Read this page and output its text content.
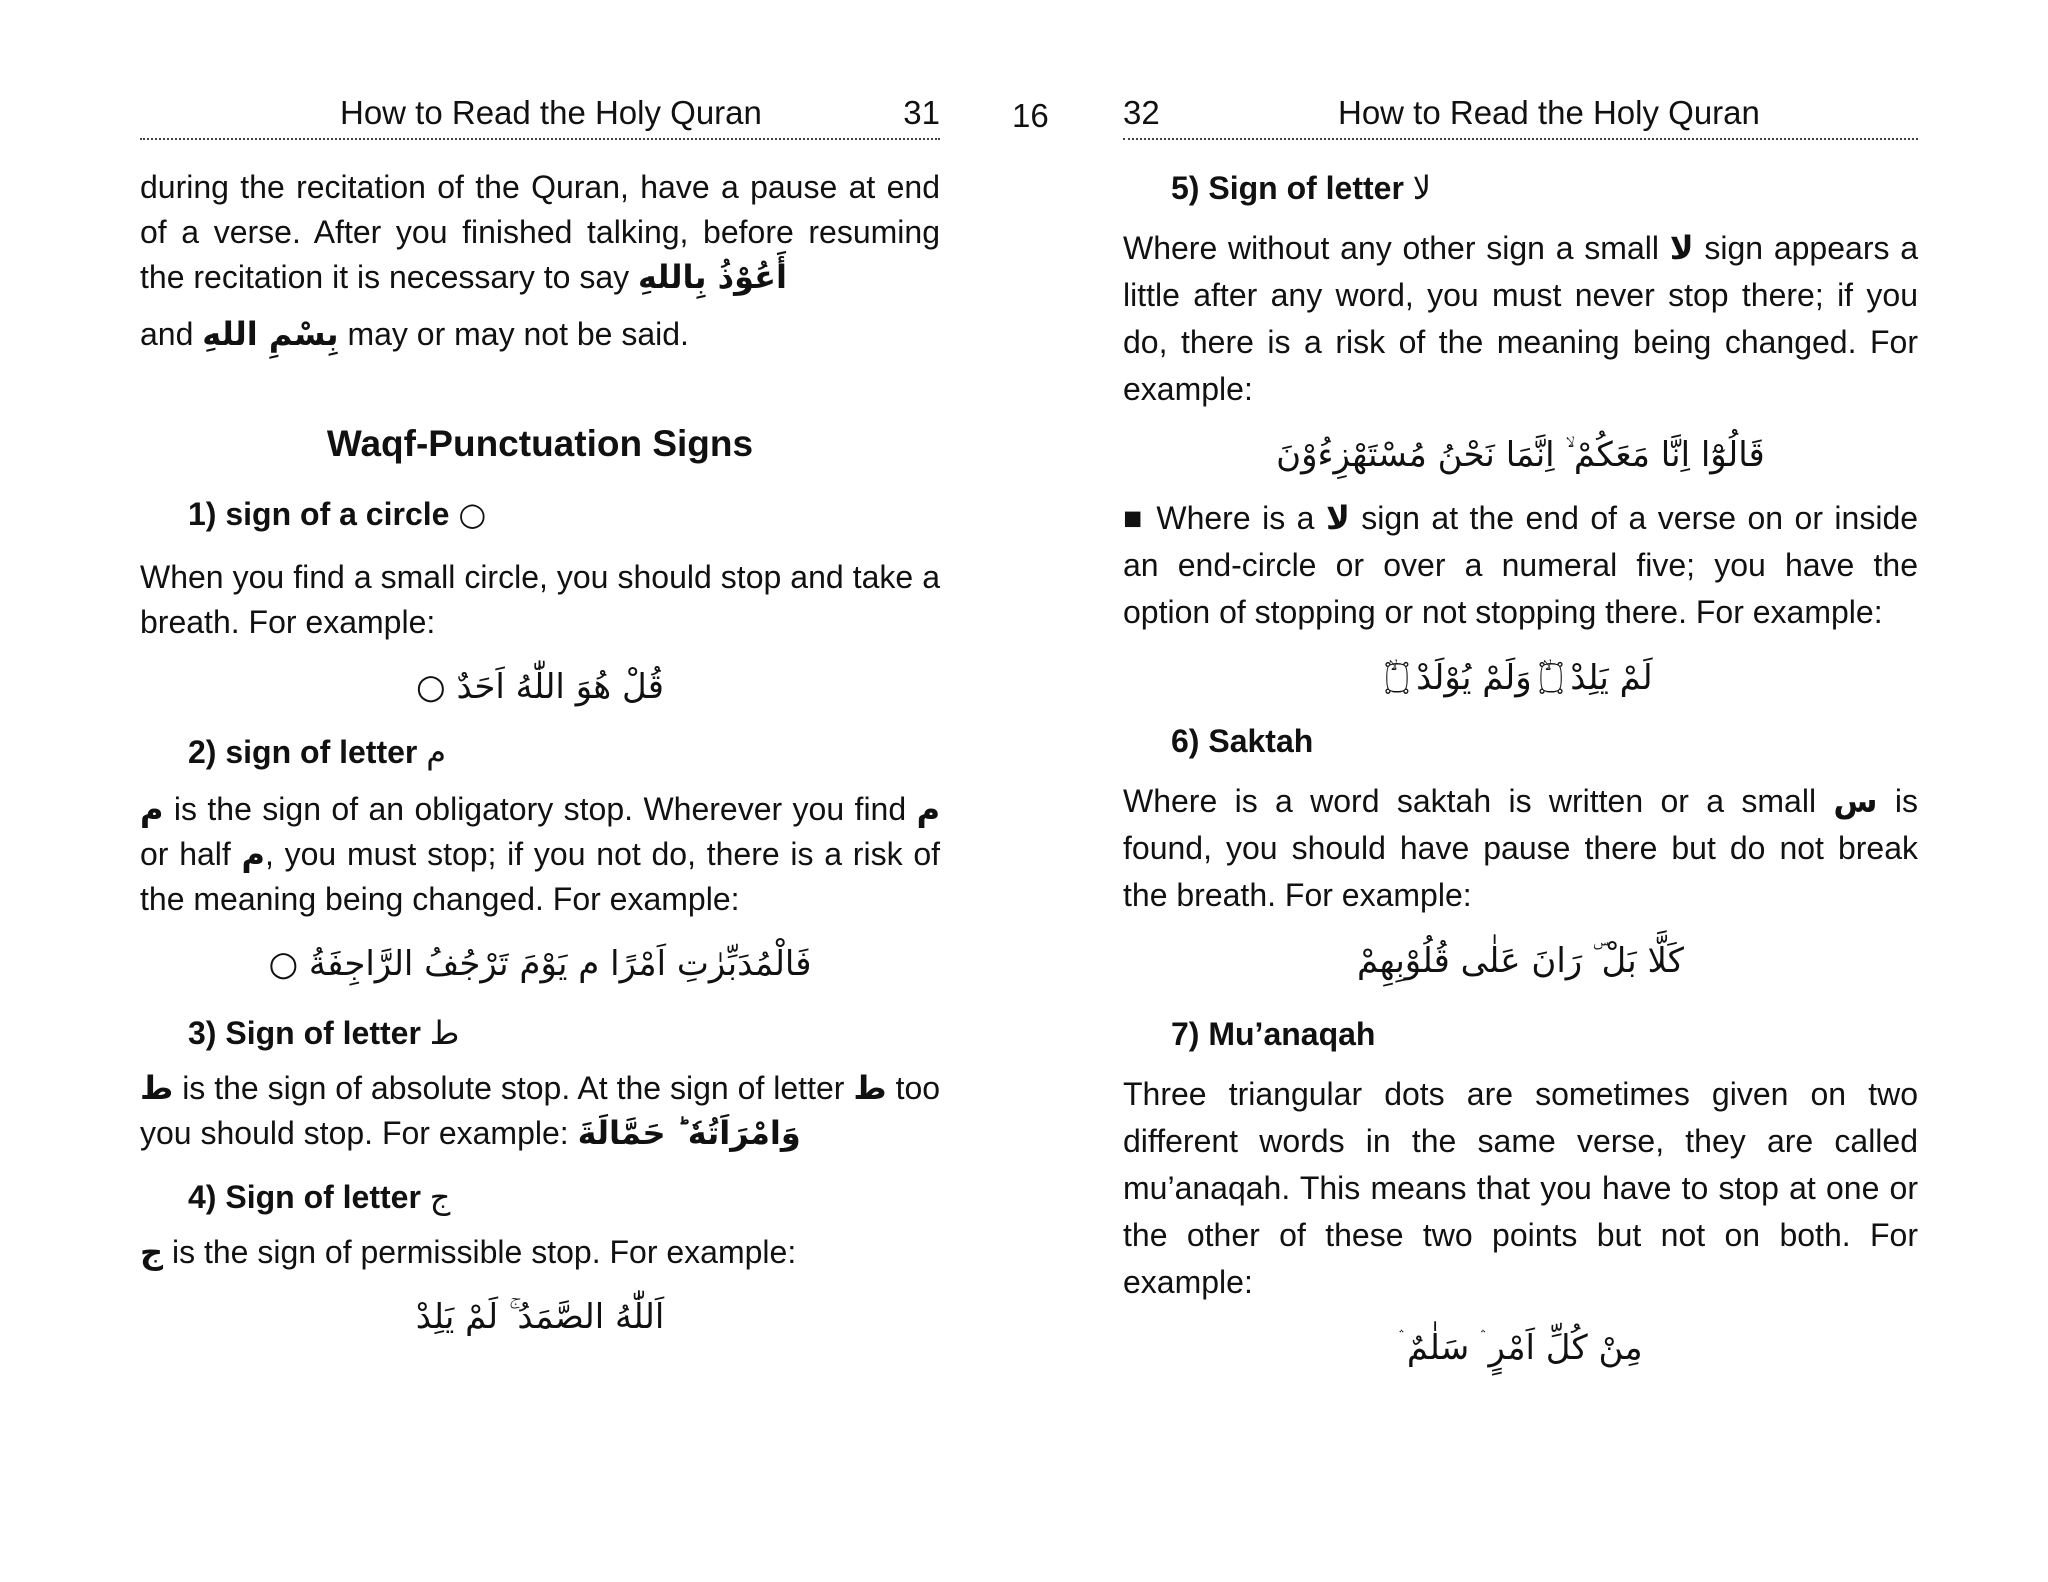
How to Read the Holy Quran	31

during the recitation of the Quran, have a pause at end of a verse. After you finished talking, before resuming the recitation it is necessary to say أَعُوْذُ بِاللهِ

and بِسْمِ اللهِ may or may not be said.

Waqf-Punctuation Signs
1) sign of a circle ○

When you find a small circle, you should stop and take a breath. For example:

قُلْ هُوَ اللّٰهُ اَحَدٌ ○
2) sign of letter م

م is the sign of an obligatory stop. Wherever you find م or half م, you must stop; if you not do, there is a risk of the meaning being changed. For example:

فَالْمُدَبِّرٰتِ اَمْرًا م يَوْمَ تَرْجُفُ الرَّاجِفَةُ ○
3) Sign of letter ط

ط is the sign of absolute stop. At the sign of letter ط too you should stop. For example: وَامْرَاَتُهٗ ؕ حَمَّالَةَ

4) Sign of letter ج

ج is the sign of permissible stop. For example:

اَللّٰهُ الصَّمَدُ ۚ لَمْ يَلِدْ
16 32	How to Read the Holy Quran
5) Sign of letter لا

Where without any other sign a small لا sign appears a little after any word, you must never stop there; if you do, there is a risk of the meaning being changed. For example:

قَالُوْٓا اِنَّا مَعَكُمْ ۙ اِنَّمَا نَحْنُ مُسْتَهْزِءُوْنَ

■ Where is a لا sign at the end of a verse on or inside an end-circle or over a numeral five; you have the option of stopping or not stopping there. For example:

لَمْ يَلِدْ ۝ۙ وَلَمْ يُوْلَدْ ۝ۙ
6) Saktah

Where is a word saktah is written or a small س is found, you should have pause there but do not break the breath. For example:

كَلَّا بَلْ ۜ رَانَ عَلٰى قُلُوْبِهِمْ
7) Mu’anaqah

Three triangular dots are sometimes given on two different words in the same verse, they are called mu’anaqah. This means that you have to stop at one or the other of these two points but not on both. For example:

مِنْ كُلِّ اَمْرٍ ۛ سَلٰمٌ ۛ
